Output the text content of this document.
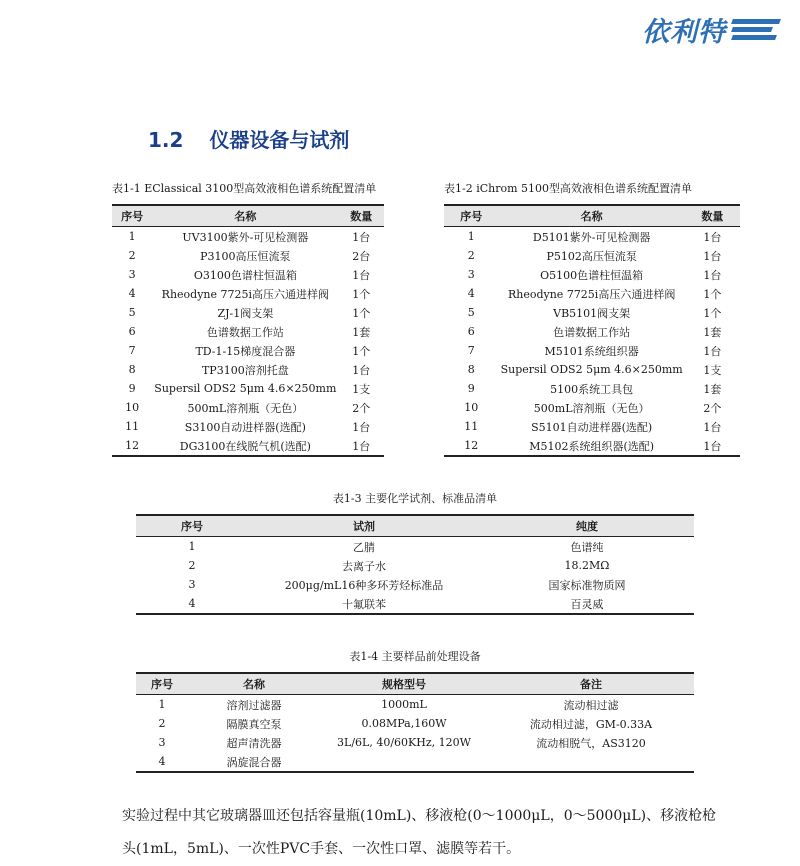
依利特
1.2 仪器设备与试剂
表1-1 EClassical 3100型高效液相色谱系统配置清单
序号	名称	数量
1	UV3100紫外-可见检测器	1台
2	P3100高压恒流泵	2台
3	O3100色谱柱恒温箱	1台
4	Rheodyne 7725i高压六通进样阀	1个
5	ZJ-1阀支架	1个
6	色谱数据工作站	1套
7	TD-1-15梯度混合器	1个
8	TP3100溶剂托盘	1台
9	Supersil ODS2 5μm 4.6×250mm	1支
10	500mL溶剂瓶（无色）	2个
11	S3100自动进样器(选配)	1台
12	DG3100在线脱气机(选配)	1台
表1-2 iChrom 5100型高效液相色谱系统配置清单
序号	名称	数量
1	D5101紫外-可见检测器	1台
2	P5102高压恒流泵	1台
3	O5100色谱柱恒温箱	1台
4	Rheodyne 7725i高压六通进样阀	1个
5	VB5101阀支架	1个
6	色谱数据工作站	1套
7	M5101系统组织器	1台
8	Supersil ODS2 5μm 4.6×250mm	1支
9	5100系统工具包	1套
10	500mL溶剂瓶（无色）	2个
11	S5101自动进样器(选配)	1台
12	M5102系统组织器(选配)	1台
表1-3 主要化学试剂、标准品清单
序号	试剂	纯度
1	乙腈	色谱纯
2	去离子水	18.2MΩ
3	200μg/mL16种多环芳烃标准品	国家标准物质网
4	十氟联苯	百灵威
表1-4 主要样品前处理设备
序号	名称	规格型号	备注
1	溶剂过滤器	1000mL	流动相过滤
2	隔膜真空泵	0.08MPa,160W	流动相过滤，GM-0.33A
3	超声清洗器	3L/6L, 40/60KHz, 120W	流动相脱气，AS3120
4	涡旋混合器		
实验过程中其它玻璃器皿还包括容量瓶(10mL)、移液枪(0～1000μL，0～5000μL)、移液枪枪头(1mL，5mL)、一次性PVC手套、一次性口罩、滤膜等若干。
